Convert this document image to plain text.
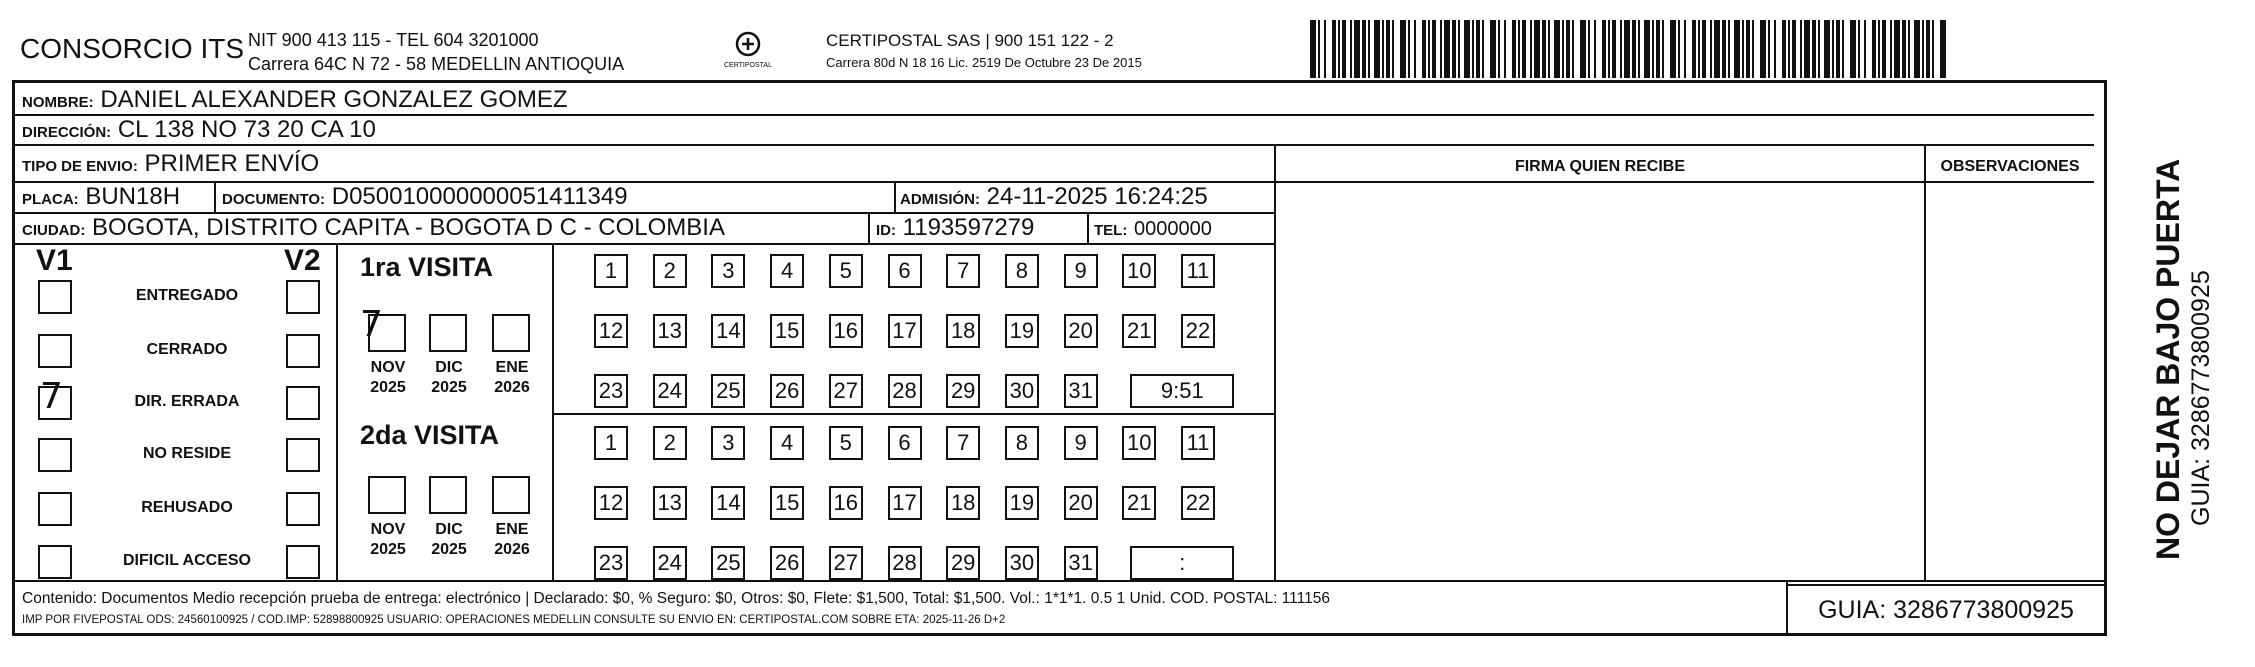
CONSORCIO ITS NIT 900 413 115 - TEL 604 3201000
Carrera 64C N 72 - 58 MEDELLIN ANTIOQUIA	CERTIPOSTAL
CERTIPOSTAL SAS | 900 151 122 - 2
Carrera 80d N 18 16 Lic. 2519 De Octubre 23 De 2015
NOMBRE: DANIEL ALEXANDER GONZALEZ GOMEZ
DIRECCIÓN: CL 138 NO 73 20 CA 10
TIPO DE ENVIO: PRIMER ENVÍO
PLACA: BUN18H	DOCUMENTO: D050010000000051411349	ADMISIÓN: 24-11-2025 16:24:25
CIUDAD: BOGOTA, DISTRITO CAPITA - BOGOTA D C - COLOMBIA	ID: 1193597279	TEL: 0000000
FIRMA QUIEN RECIBE	OBSERVACIONES
V1	V2
ENTREGADO
CERRADO
DIR. ERRADA
NO RESIDE
REHUSADO
DIFICIL ACCESO
7
1ra VISITA
NOV
2025
DIC
2025
ENE
2026
7
1	2	3	4	5	6	7	8	9	10 11
12 13 14 15 16 17 18 19 20 21 22
23 24 25 26 27 28 29 30 31	9:51
2da VISITA
NOV
2025
DIC
2025
ENE
2026
1	2	3	4	5	6	7	8	9	10 11
12 13 14 15 16 17 18 19 20 21 22
23 24 25 26 27 28 29 30 31	:
Contenido: Documentos Medio recepción prueba de entrega: electrónico | Declarado: $0, % Seguro: $0, Otros: $0, Flete: $1,500, Total: $1,500. Vol.: 1*1*1. 0.5 1 Unid. COD. POSTAL: 111156
IMP POR FIVEPOSTAL ODS: 24560100925 / COD.IMP: 52898800925 USUARIO: OPERACIONES MEDELLIN CONSULTE SU ENVIO EN: CERTIPOSTAL.COM SOBRE ETA: 2025-11-26 D+2	GUIA: 3286773800925
NO DEJAR BAJO PUERTA GUIA: 3286773800925
